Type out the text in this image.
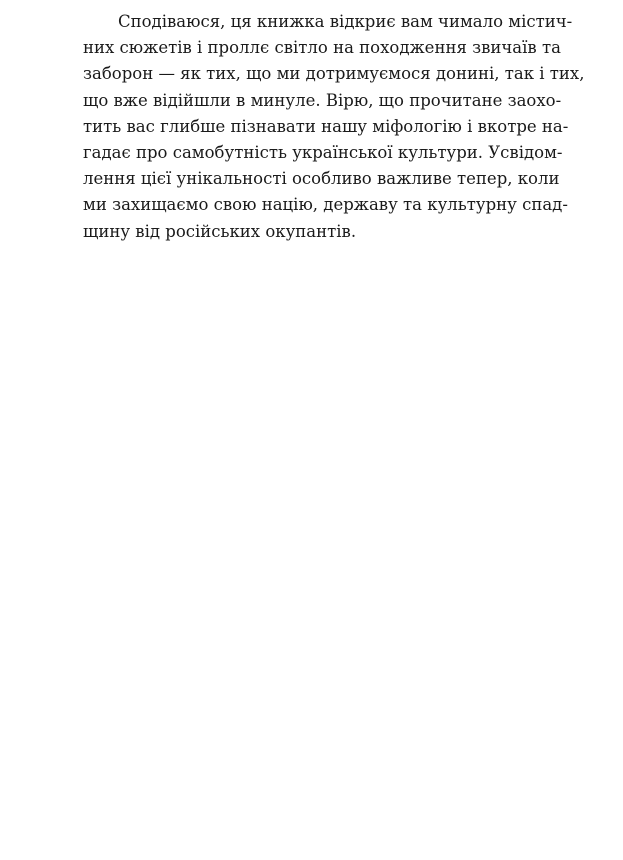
Сподіваюся, ця книжка відкриє вам чимало містич-
них сюжетів і проллє світло на походження звичаїв та
заборон — як тих, що ми дотримуємося донині, так і тих,
що вже відійшли в минуле. Вірю, що прочитане заохо-
тить вас глибше пізнавати нашу міфологію і вкотре на-
гадає про самобутність української культури. Усвідом-
лення цієї унікальності особливо важливе тепер, коли
ми захищаємо свою націю, державу та культурну спад-
щину від російських окупантів.
